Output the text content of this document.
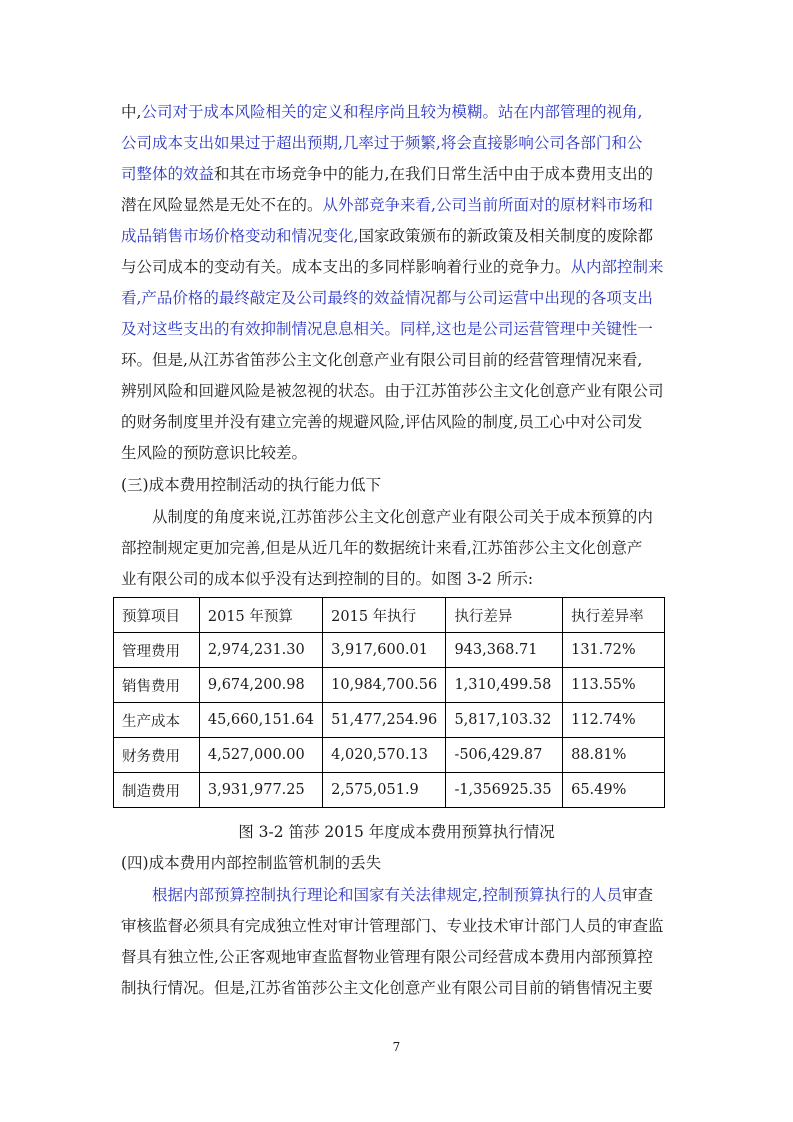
中,公司对于成本风险相关的定义和程序尚且较为模糊。站在内部管理的视角,
公司成本支出如果过于超出预期,几率过于频繁,将会直接影响公司各部门和公
司整体的效益和其在市场竞争中的能力,在我们日常生活中由于成本费用支出的
潜在风险显然是无处不在的。从外部竞争来看,公司当前所面对的原材料市场和
成品销售市场价格变动和情况变化,国家政策颁布的新政策及相关制度的废除都
与公司成本的变动有关。成本支出的多同样影响着行业的竞争力。从内部控制来
看,产品价格的最终敲定及公司最终的效益情况都与公司运营中出现的各项支出
及对这些支出的有效抑制情况息息相关。同样,这也是公司运营管理中关键性一
环。但是,从江苏省笛莎公主文化创意产业有限公司目前的经营管理情况来看,
辨别风险和回避风险是被忽视的状态。由于江苏笛莎公主文化创意产业有限公司
的财务制度里并没有建立完善的规避风险,评估风险的制度,员工心中对公司发
生风险的预防意识比较差。
(三)成本费用控制活动的执行能力低下
从制度的角度来说,江苏笛莎公主文化创意产业有限公司关于成本预算的内
部控制规定更加完善,但是从近几年的数据统计来看,江苏笛莎公主文化创意产
业有限公司的成本似乎没有达到控制的目的。如图 3-2 所示:
预算项目	2015 年预算	2015 年执行	执行差异	执行差异率
管理费用	2,974,231.30	3,917,600.01	943,368.71	131.72%
销售费用	9,674,200.98	10,984,700.56	1,310,499.58	113.55%
生产成本	45,660,151.64	51,477,254.96	5,817,103.32	112.74%
财务费用	4,527,000.00	4,020,570.13	-506,429.87	88.81%
制造费用	3,931,977.25	2,575,051.9	-1,356925.35	65.49%
图 3-2 笛莎 2015 年度成本费用预算执行情况
(四)成本费用内部控制监管机制的丢失
根据内部预算控制执行理论和国家有关法律规定,控制预算执行的人员审查
审核监督必须具有完成独立性对审计管理部门、专业技术审计部门人员的审查监
督具有独立性,公正客观地审查监督物业管理有限公司经营成本费用内部预算控
制执行情况。但是,江苏省笛莎公主文化创意产业有限公司目前的销售情况主要
7
